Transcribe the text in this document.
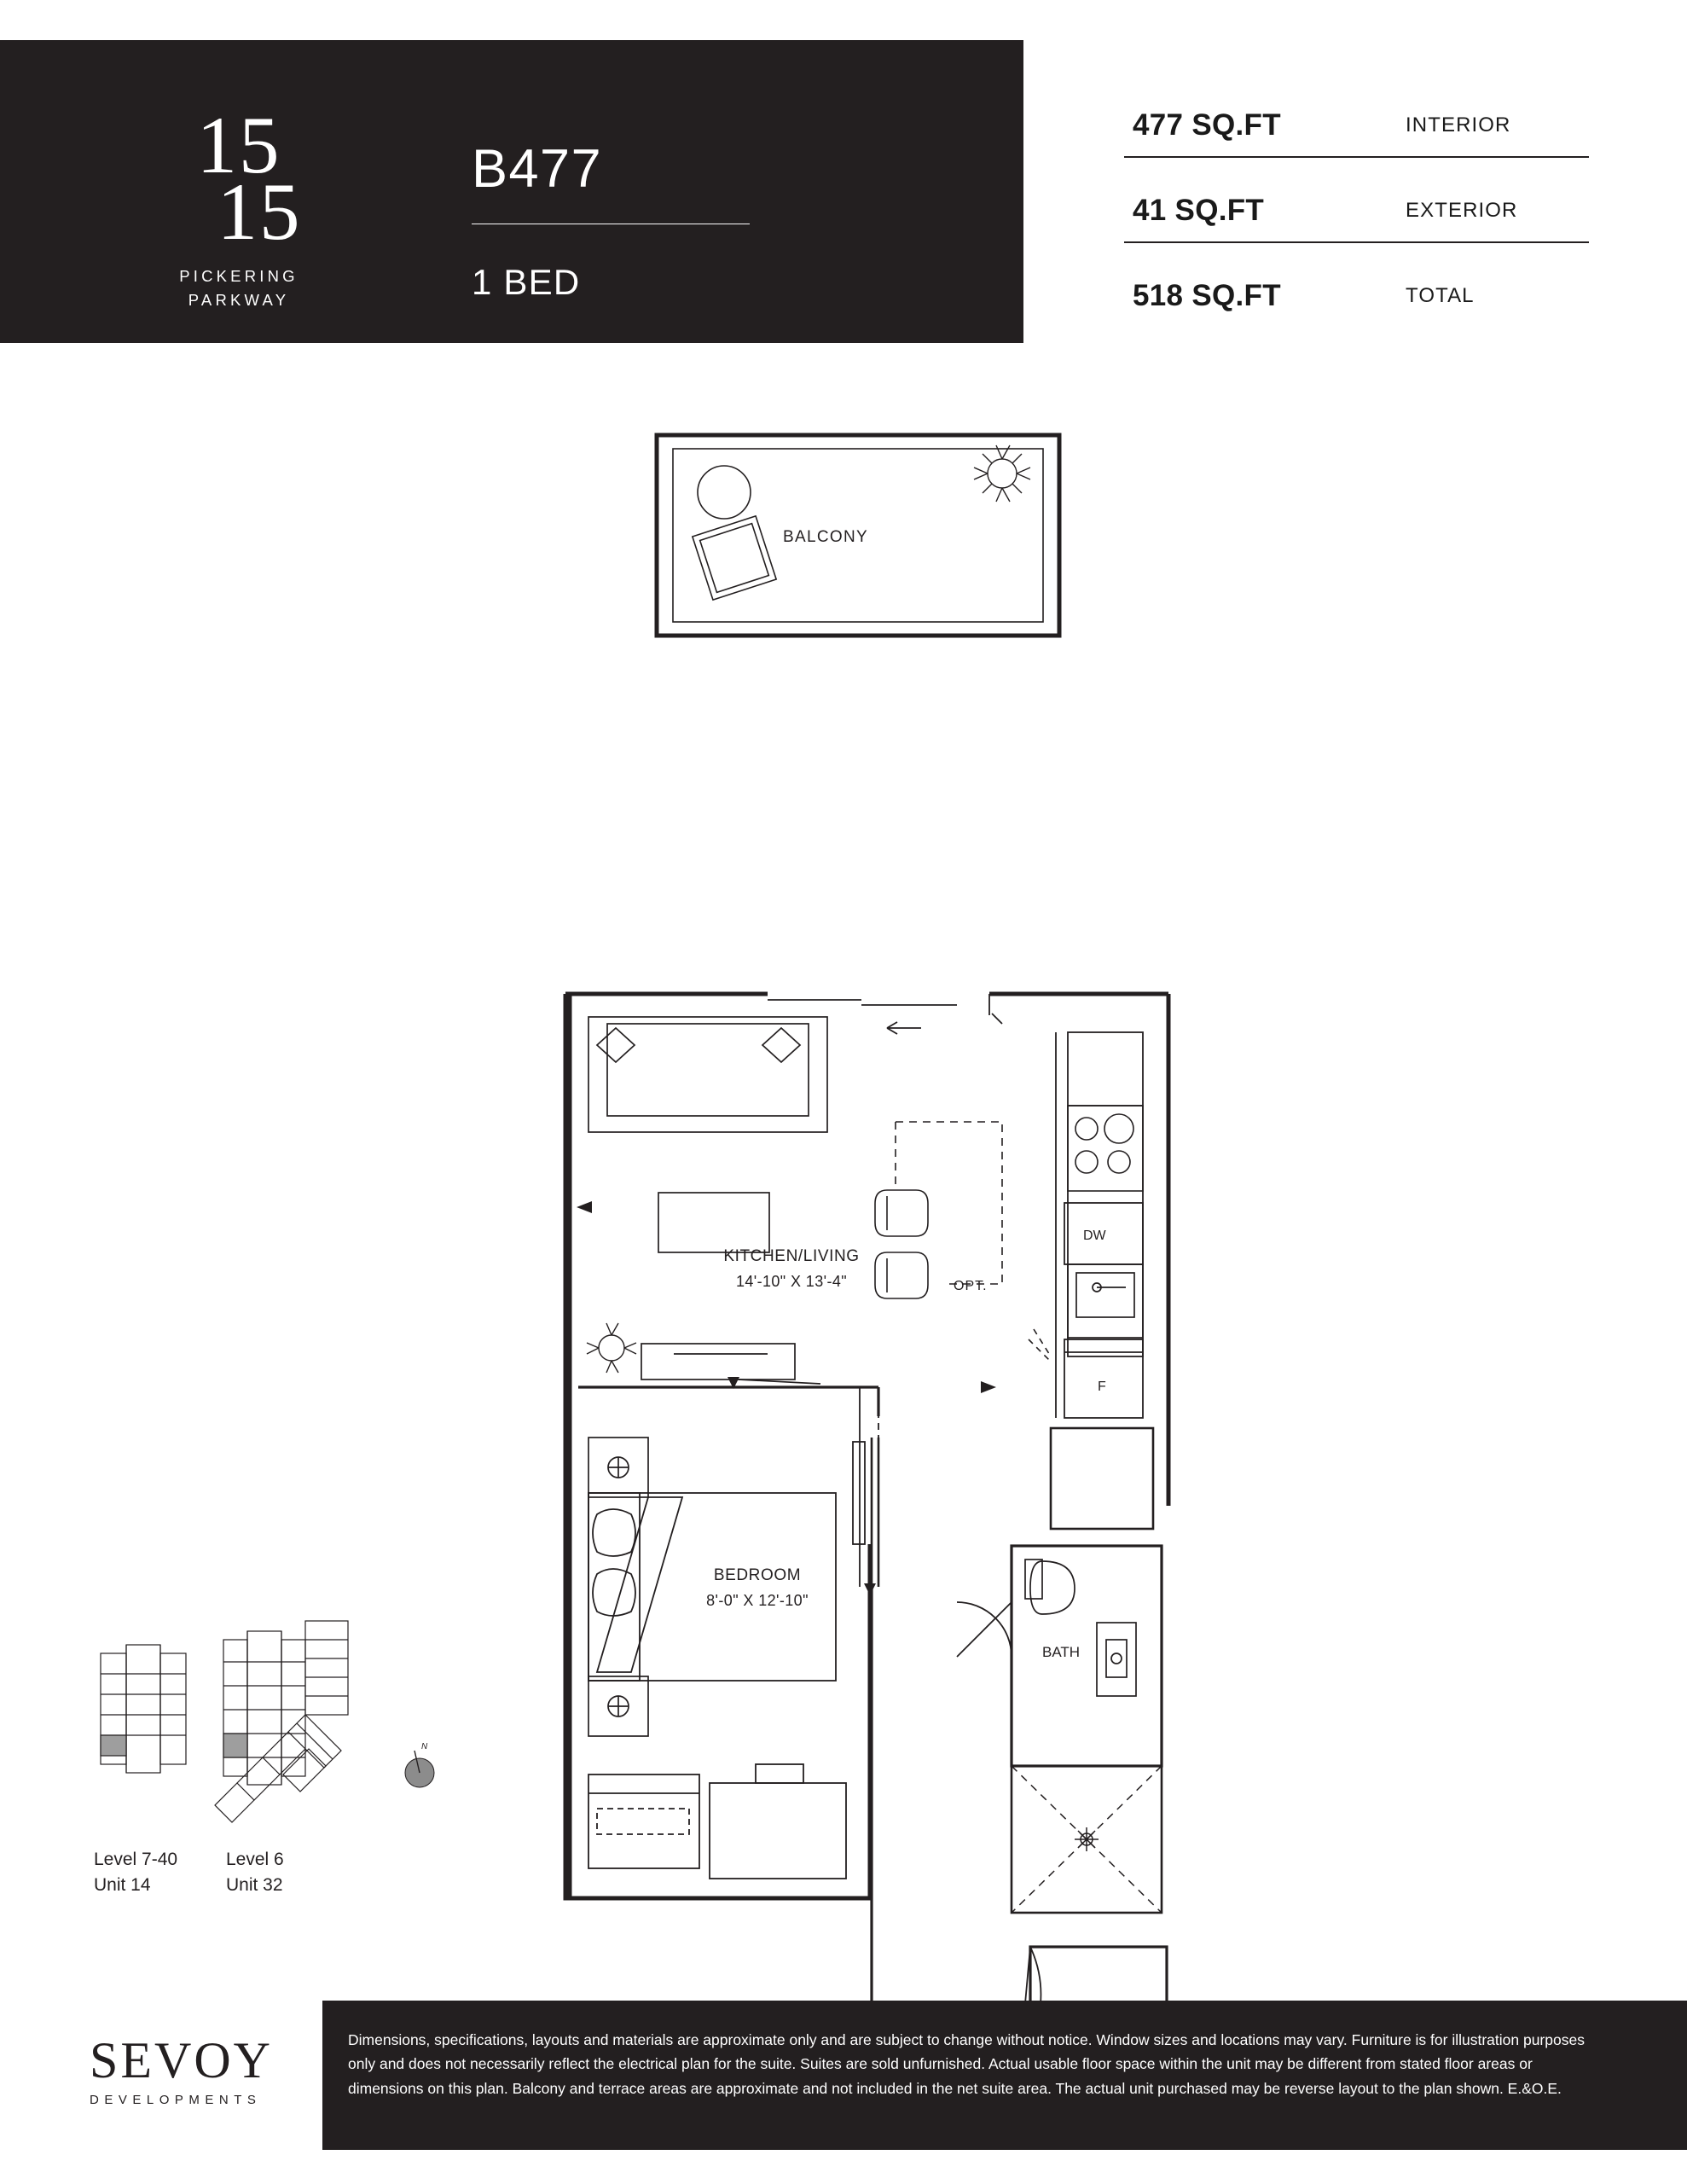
15
15
PICKERING
PARKWAY
B477
1 BED
477 SQ.FT	INTERIOR
41 SQ.FT	EXTERIOR
518 SQ.FT	TOTAL
OPT.
DW
F
BATH
BALCONY
KITCHEN/LIVING
14'-10" X 13'-4"
BEDROOM
8'-0" X 12'-10"
N
Level 7-40
Unit 14
Level 6
Unit 32
SEVOY
DEVELOPMENTS
Dimensions, specifications, layouts and materials are approximate only and are subject to change without notice. Window sizes and locations may vary. Furniture is for illustration purposes only and does not necessarily reflect the electrical plan for the suite. Suites are sold unfurnished. Actual usable floor space within the unit may be different from stated floor areas or dimensions on this plan. Balcony and terrace areas are approximate and not included in the net suite area. The actual unit purchased may be reverse layout to the plan shown. E.&O.E.
